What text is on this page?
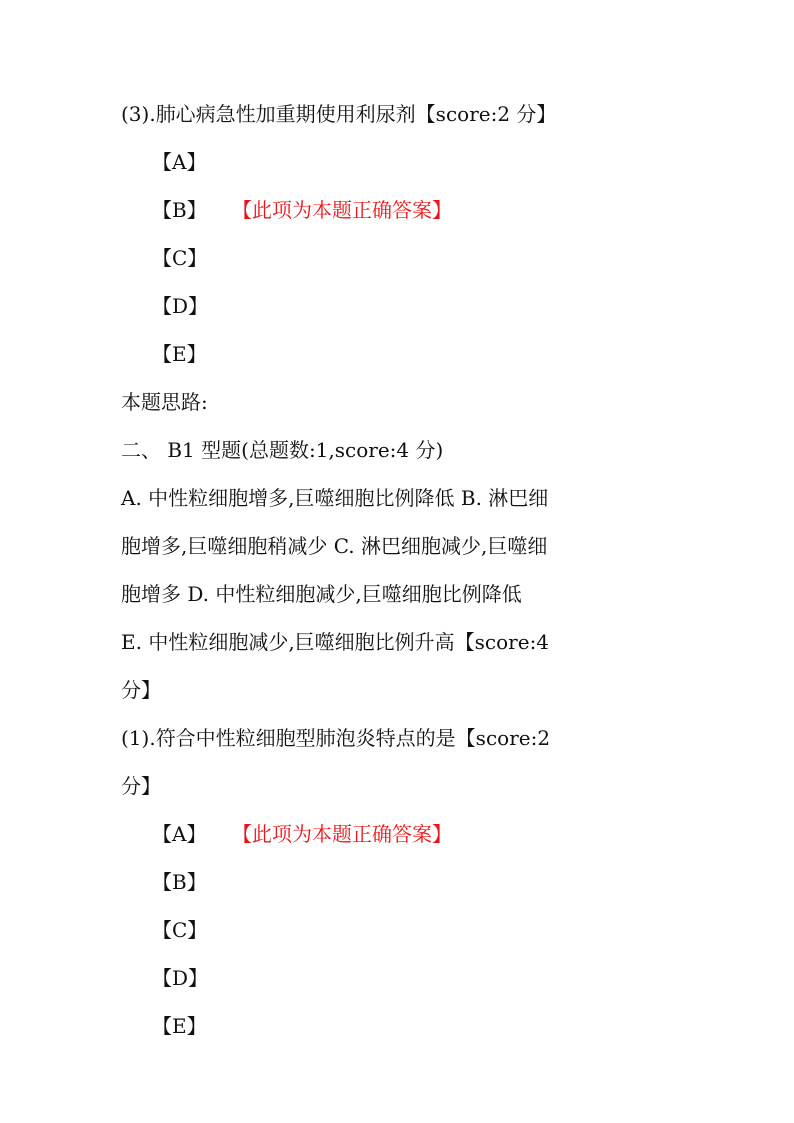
(3).肺心病急性加重期使用利尿剂【score:2 分】
【A】
【B】 【此项为本题正确答案】
【C】
【D】
【E】
本题思路:
二、 B1 型题(总题数:1,score:4 分)
A. 中性粒细胞增多,巨噬细胞比例降低 B. 淋巴细
胞增多,巨噬细胞稍减少 C. 淋巴细胞减少,巨噬细
胞增多 D. 中性粒细胞减少,巨噬细胞比例降低
E. 中性粒细胞减少,巨噬细胞比例升高【score:4
分】
(1).符合中性粒细胞型肺泡炎特点的是【score:2
分】
【A】 【此项为本题正确答案】
【B】
【C】
【D】
【E】
